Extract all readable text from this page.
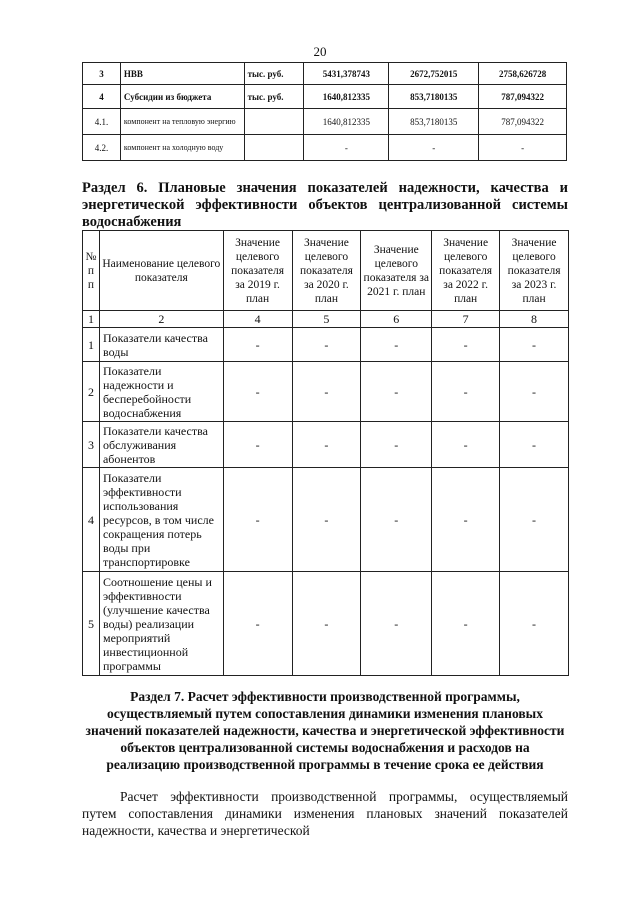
20
3	НВВ	тыс. руб.	5431,378743	2672,752015	2758,626728
4	Субсидии из бюджета	тыс. руб.	1640,812335	853,7180135	787,094322
4.1.	компонент на тепловую энергию		1640,812335	853,7180135	787,094322
4.2.	компонент на холодную воду		-	-	-
Раздел 6. Плановые значения показателей надежности, качества и энергетической эффективности объектов централизованной системы водоснабжения
№ п п	Наименование целевого показателя	Значение целевого показателя за 2019 г. план	Значение целевого показателя за 2020 г. план	Значение целевого показателя за 2021 г. план	Значение целевого показателя за 2022 г. план	Значение целевого показателя за 2023 г. план
1	2	4	5	6	7	8
1	Показатели качества воды	-	-	-	-	-
2	Показатели надежности и бесперебойности водоснабжения	-	-	-	-	-
3	Показатели качества обслуживания абонентов	-	-	-	-	-
4	Показатели эффективности использования ресурсов, в том числе сокращения потерь воды при транспортировке	-	-	-	-	-
5	Соотношение цены и эффективности (улучшение качества воды) реализации мероприятий инвестиционной программы	-	-	-	-	-
Раздел 7. Расчет эффективности производственной программы, осуществляемый путем сопоставления динамики изменения плановых значений показателей надежности, качества и энергетической эффективности объектов централизованной системы водоснабжения и расходов на реализацию производственной программы в течение срока ее действия
Расчет эффективности производственной программы, осуществляемый путем сопоставления динамики изменения плановых значений показателей надежности, качества и энергетической
